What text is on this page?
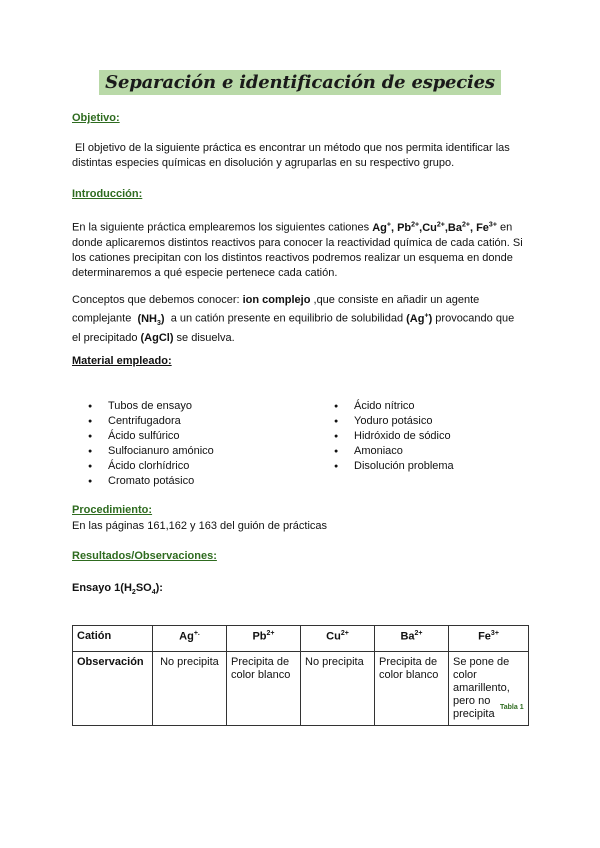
Separación e identificación de especies
Objetivo:
El objetivo de la siguiente práctica es encontrar un método que nos permita identificar las
distintas especies químicas en disolución y agruparlas en su respectivo grupo.
Introducción:
En la siguiente práctica emplearemos los siguientes cationes Ag+, $Pb^{2+},Cu^{2+},Ba^{2+}$, $Fe^{3+}$ en
donde aplicaremos distintos reactivos para conocer la reactividad química de cada catión. Si
los cationes precipitan con los distintos reactivos podremos realizar un esquema en donde
determinaremos a qué especie pertenece cada catión.
Conceptos que debemos conocer: ion complejo ,que consiste en añadir un agente
complejante  $(NH_3)$  a un catión presente en equilibrio de solubilidad (Ag+) provocando que
el precipitado (AgCl) se disuelva.
Material empleado:
● Tubos de ensayo
● Centrifugadora
● Ácido sulfúrico
● Sulfocianuro amónico
● Ácido clorhídrico
● Cromato potásico
● Ácido nítrico
● Yoduro potásico
● Hidróxido de sódico
● Amoniaco
● Disolución problema
Procedimiento:
En las páginas 161,162 y 163 del guión de prácticas
Resultados/Observaciones:
Ensayo $1(H_2SO_4)$:
Catión	Ag+.	$Pb^{2+}$	$Cu^{2+}$	$Ba^{2+}$	$Fe^{3+}$
Observación	No precipita	Precipita de color blanco	No precipita	Precipita de color blanco	Se pone de color amarillento, pero no precipita
Tabla 1
